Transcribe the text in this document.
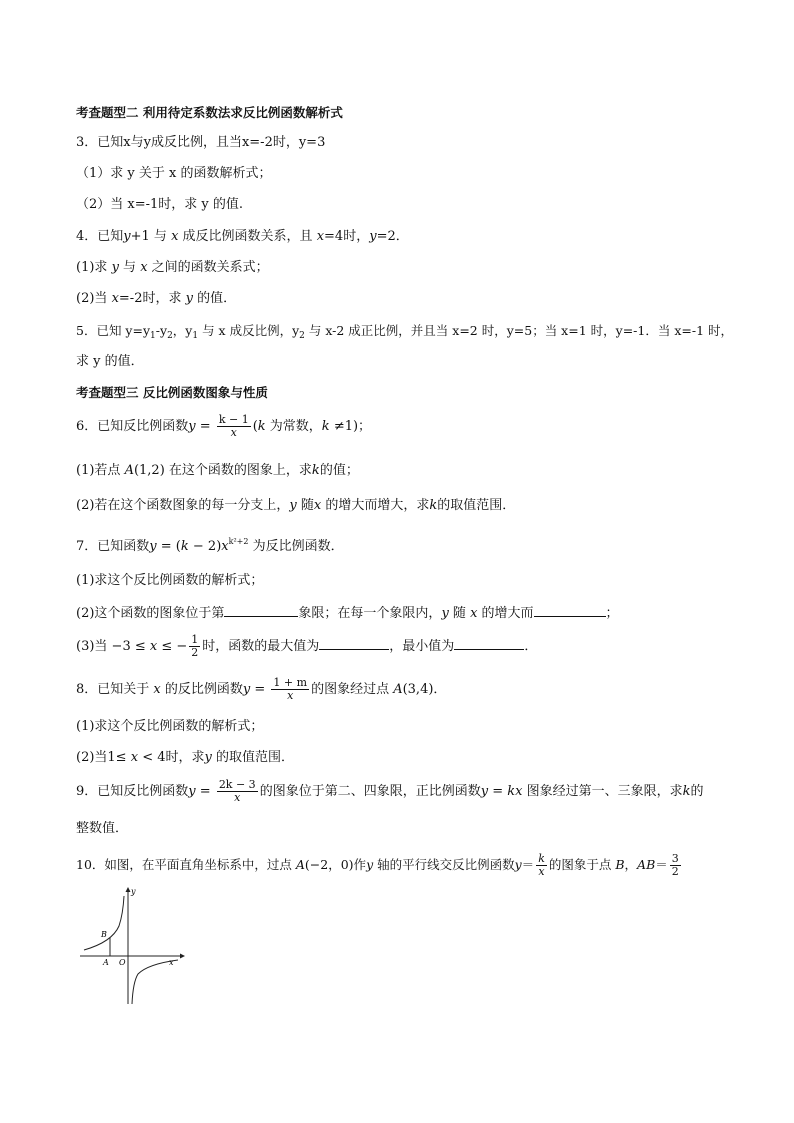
考查题型二 利用待定系数法求反比例函数解析式
3．已知x与y成反比例，且当x=-2时，y=3
（1）求 y 关于 x 的函数解析式；
（2）当 x=-1时，求 y 的值.
4．已知y+1 与 x 成反比例函数关系，且 x=4时，y=2．
(1)求 y 与 x 之间的函数关系式；
(2)当 x=-2时，求 y 的值．
5．已知 $y=y_1-y_2$，$y_1$ 与 x 成反比例，$y_2$ 与 x-2 成正比例，并且当 x=2 时，y=5；当 x=1 时，y=-1．当 x=-1 时，
求 y 的值．
考查题型三 反比例函数图象与性质
6．已知反比例函数$y = \frac{k - 1}{x} (k$ 为常数，k ≠1)；
(1)若点 A(1,2) 在这个函数的图象上，求k的值；
(2)若在这个函数图象的每一分支上，y 随x 的增大而增大，求k的取值范围．
7．已知函数$y = (k - 2)x^{k^2+2}$ 为反比例函数．
(1)求这个反比例函数的解析式；
(2)这个函数的图象位于第	象限；在每一个象限内，y 随 x 的增大而	；
(3)当 −3 ≤ x ≤ − $\frac{1}{2}$ 时，函数的最大值为	，最小值为	．
8．已知关于 x 的反比例函数$y = \frac{1 + m}{x}$ 的图象经过点 A(3,4)．
(1)求这个反比例函数的解析式；
(2)当1≤ x < 4时，求y 的取值范围．
9．已知反比例函数$y = \frac{2k - 3}{x}$ 的图象位于第二、四象限，正比例函数y = kx 图象经过第一、三象限，求k的
整数值．
10．如图，在平面直角坐标系中，过点 A(−2，0)作y 轴的平行线交反比例函数$y= \frac{k}{x}$ 的图象于点 B，$AB= \frac{3}{2}$
y
x
O
A
B
